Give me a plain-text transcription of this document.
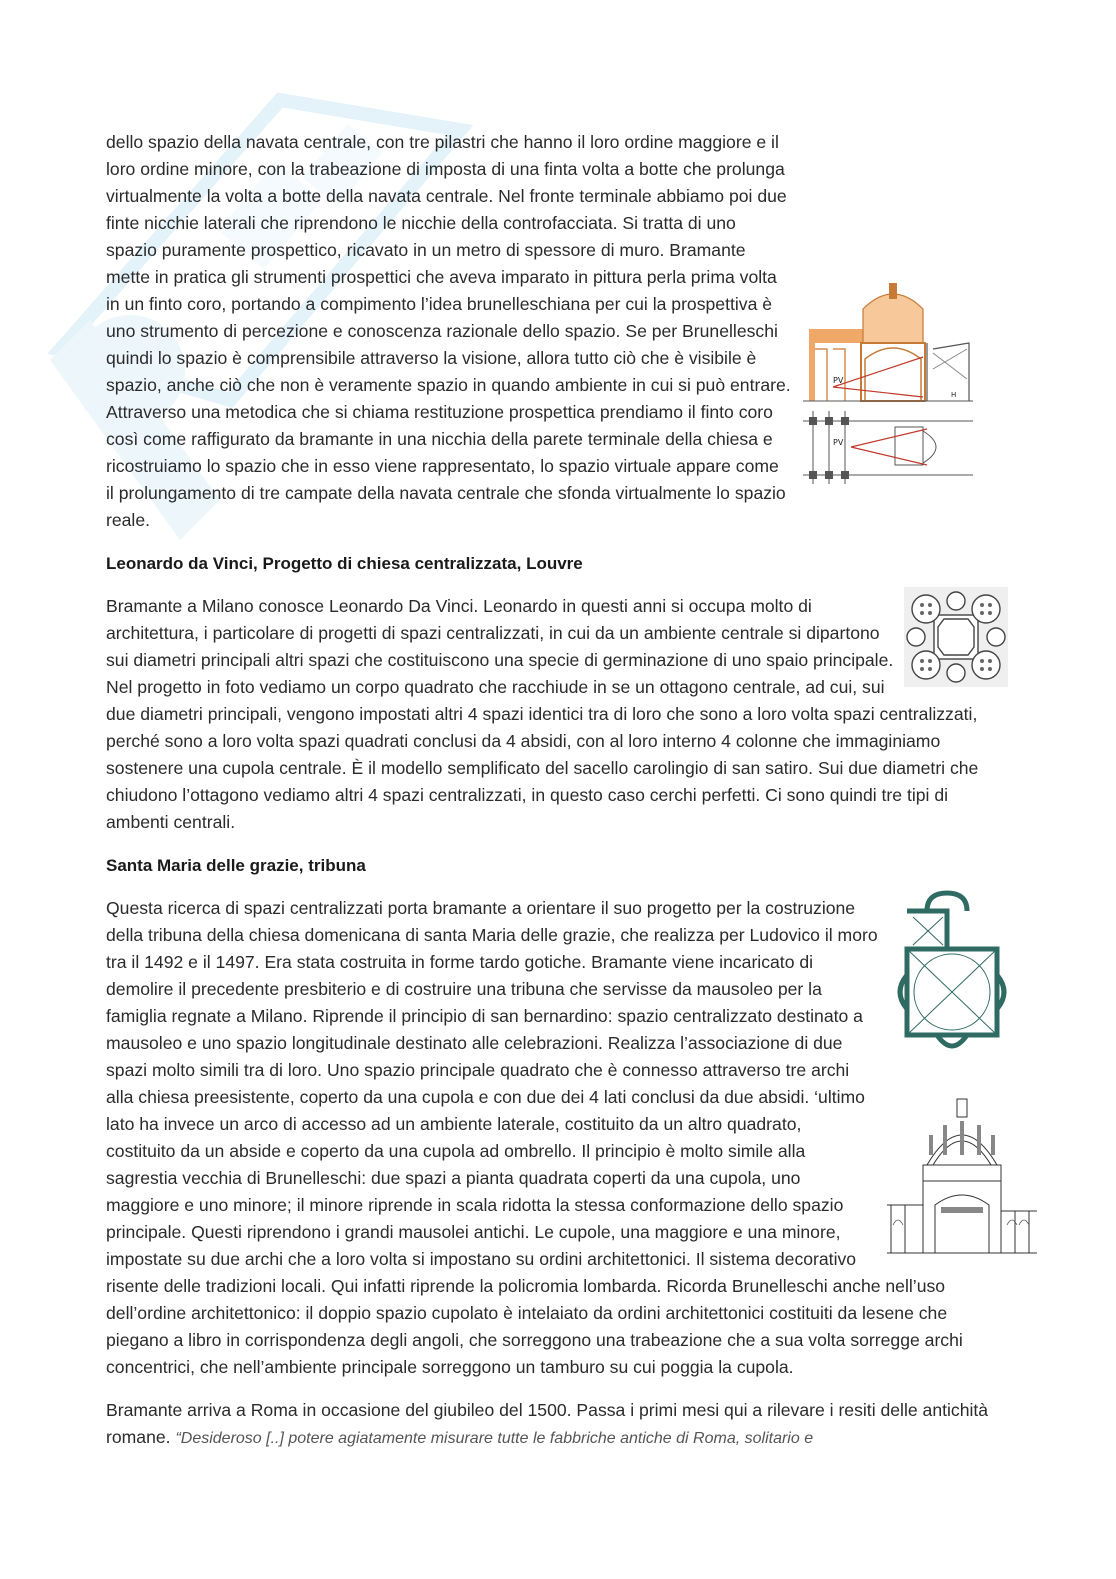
PV
H
PV

dello spazio della navata centrale, con tre pilastri che hanno il loro ordine maggiore e il loro ordine minore, con la trabeazione di imposta di una finta volta a botte che prolunga virtualmente la volta a botte della navata centrale. Nel fronte terminale abbiamo poi due finte nicchie laterali che riprendono le nicchie della controfacciata. Si tratta di uno spazio puramente prospettico, ricavato in un metro di spessore di muro. Bramante mette in pratica gli strumenti prospettici che aveva imparato in pittura perla prima volta in un finto coro, portando a compimento l’idea brunelleschiana per cui la prospettiva è uno strumento di percezione e conoscenza razionale dello spazio. Se per Brunelleschi quindi lo spazio è comprensibile attraverso la visione, allora tutto ciò che è visibile è spazio, anche ciò che non è veramente spazio in quando ambiente in cui si può entrare. Attraverso una metodica che si chiama restituzione prospettica prendiamo il finto coro così come raffigurato da bramante in una nicchia della parete terminale della chiesa e ricostruiamo lo spazio che in esso viene rappresentato, lo spazio virtuale appare come il prolungamento di tre campate della navata centrale che sfonda virtualmente lo spazio reale.

Leonardo da Vinci, Progetto di chiesa centralizzata, Louvre

Bramante a Milano conosce Leonardo Da Vinci. Leonardo in questi anni si occupa molto di architettura, i particolare di progetti di spazi centralizzati, in cui da un ambiente centrale si dipartono sui diametri principali altri spazi che costituiscono una specie di germinazione di uno spaio principale. Nel progetto in foto vediamo un corpo quadrato che racchiude in se un ottagono centrale, ad cui, sui due diametri principali, vengono impostati altri 4 spazi identici tra di loro che sono a loro volta spazi centralizzati, perché sono a loro volta spazi quadrati conclusi da 4 absidi, con al loro interno 4 colonne che immaginiamo sostenere una cupola centrale. È il modello semplificato del sacello carolingio di san satiro. Sui due diametri che chiudono l’ottagono vediamo altri 4 spazi centralizzati, in questo caso cerchi perfetti. Ci sono quindi tre tipi di ambenti centrali.

Santa Maria delle grazie, tribuna

Questa ricerca di spazi centralizzati porta bramante a orientare il suo progetto per la costruzione della tribuna della chiesa domenicana di santa Maria delle grazie, che realizza per Ludovico il moro tra il 1492 e il 1497. Era stata costruita in forme tardo gotiche. Bramante viene incaricato di demolire il precedente presbiterio e di costruire una tribuna che servisse da mausoleo per la famiglia regnate a Milano. Riprende il principio di san bernardino: spazio centralizzato destinato a mausoleo e uno spazio longitudinale destinato alle celebrazioni. Realizza l’associazione di due spazi molto simili tra di loro. Uno spazio principale quadrato che è connesso attraverso tre archi alla chiesa preesistente, coperto da una cupola e con due dei 4 lati conclusi da due absidi. ‘ultimo lato ha invece un arco di accesso ad un ambiente laterale, costituito da un altro quadrato, costituito da un abside e coperto da una cupola ad ombrello. Il principio è molto simile alla sagrestia vecchia di Brunelleschi: due spazi a pianta quadrata coperti da una cupola, uno maggiore e uno minore; il minore riprende in scala ridotta la stessa conformazione dello spazio principale. Questi riprendono i grandi mausolei antichi. Le cupole, una maggiore e una minore, impostate su due archi che a loro volta si impostano su ordini architettonici. Il sistema decorativo risente delle tradizioni locali. Qui infatti riprende la policromia lombarda. Ricorda Brunelleschi anche nell’uso dell’ordine architettonico: il doppio spazio cupolato è intelaiato da ordini architettonici costituiti da lesene che piegano a libro in corrispondenza degli angoli, che sorreggono una trabeazione che a sua volta sorregge archi concentrici, che nell’ambiente principale sorreggono un tamburo su cui poggia la cupola.

Bramante arriva a Roma in occasione del giubileo del 1500. Passa i primi mesi qui a rilevare i resiti delle antichità romane. “Desideroso [..] potere agiatamente misurare tutte le fabbriche antiche di Roma, solitario e
